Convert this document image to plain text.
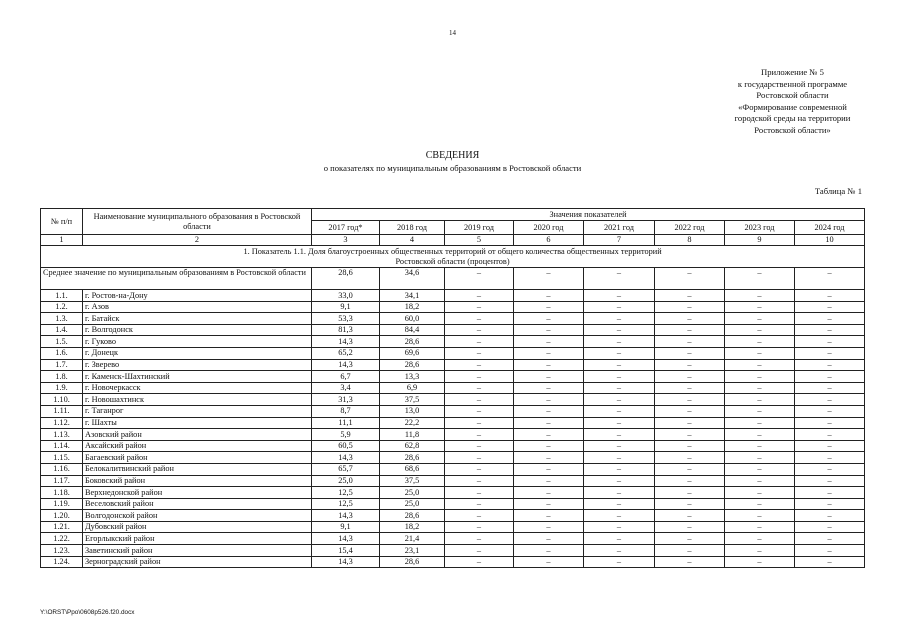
14
Приложение № 5
к государственной программе
Ростовской области
«Формирование современной
городской среды на территории
Ростовской области»
СВЕДЕНИЯ
о показателях по муниципальным образованиям в Ростовской области
Таблица № 1
№ п/п	Наименование муниципального образования в Ростовской области	Значения показателей							
		2017 год*	2018 год	2019 год	2020 год	2021 год	2022 год	2023 год	2024 год
1	2	3	4	5	6	7	8	9	10
1. Показатель 1.1. Доля благоустроенных общественных территорий от общего количества общественных территорий Ростовской области (процентов)									
Среднее значение по муниципальным образованиям в Ростовской области		28,6	34,6	–	–	–	–	–	–
1.1.	г. Ростов-на-Дону	33,0	34,1	–	–	–	–	–	–
1.2.	г. Азов	9,1	18,2	–	–	–	–	–	–
1.3.	г. Батайск	53,3	60,0	–	–	–	–	–	–
1.4.	г. Волгодонск	81,3	84,4	–	–	–	–	–	–
1.5.	г. Гуково	14,3	28,6	–	–	–	–	–	–
1.6.	г. Донецк	65,2	69,6	–	–	–	–	–	–
1.7.	г. Зверево	14,3	28,6	–	–	–	–	–	–
1.8.	г. Каменск-Шахтинский	6,7	13,3	–	–	–	–	–	–
1.9.	г. Новочеркасск	3,4	6,9	–	–	–	–	–	–
1.10.	г. Новошахтинск	31,3	37,5	–	–	–	–	–	–
1.11.	г. Таганрог	8,7	13,0	–	–	–	–	–	–
1.12.	г. Шахты	11,1	22,2	–	–	–	–	–	–
1.13.	Азовский район	5,9	11,8	–	–	–	–	–	–
1.14.	Аксайский район	60,5	62,8	–	–	–	–	–	–
1.15.	Багаевский район	14,3	28,6	–	–	–	–	–	–
1.16.	Белокалитвинский район	65,7	68,6	–	–	–	–	–	–
1.17.	Боковский район	25,0	37,5	–	–	–	–	–	–
1.18.	Верхнедонской район	12,5	25,0	–	–	–	–	–	–
1.19.	Веселовский район	12,5	25,0	–	–	–	–	–	–
1.20.	Волгодонской район	14,3	28,6	–	–	–	–	–	–
1.21.	Дубовский район	9,1	18,2	–	–	–	–	–	–
1.22.	Егорлыкский район	14,3	21,4	–	–	–	–	–	–
1.23.	Заветинский район	15,4	23,1	–	–	–	–	–	–
1.24.	Зерноградский район	14,3	28,6	–	–	–	–	–	–
Y:\ORST\Ppo\0608p526.f20.docx
